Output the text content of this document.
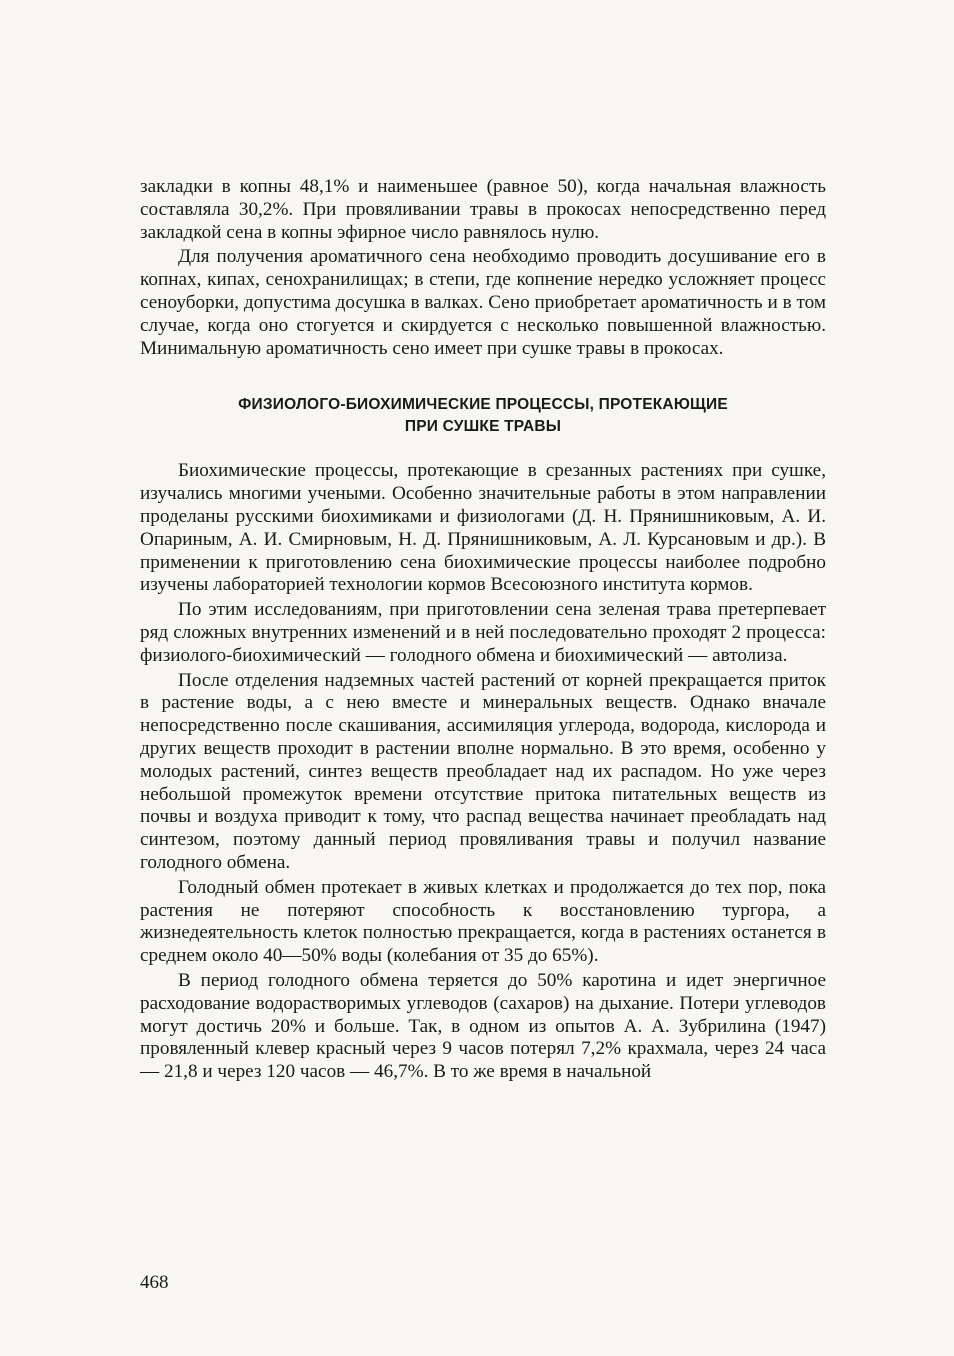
закладки в копны 48,1% и наименьшее (равное 50), когда начальная влажность составляла 30,2%. При провяливании травы в прокосах непосредственно перед закладкой сена в копны эфирное число равнялось нулю.

Для получения ароматичного сена необходимо проводить досушивание его в копнах, кипах, сенохранилищах; в степи, где копнение нередко усложняет процесс сеноуборки, допустима досушка в валках. Сено приобретает ароматичность и в том случае, когда оно стогуется и скирдуется с несколько повышенной влажностью. Минимальную ароматичность сено имеет при сушке травы в прокосах.

ФИЗИОЛОГО-БИОХИМИЧЕСКИЕ ПРОЦЕССЫ, ПРОТЕКАЮЩИЕ
ПРИ СУШКЕ ТРАВЫ

Биохимические процессы, протекающие в срезанных растениях при сушке, изучались многими учеными. Особенно значительные работы в этом направлении проделаны русскими биохимиками и физиологами (Д. Н. Прянишниковым, А. И. Опариным, А. И. Смирновым, Н. Д. Прянишниковым, А. Л. Курсановым и др.). В применении к приготовлению сена биохимические процессы наиболее подробно изучены лабораторией технологии кормов Всесоюзного института кормов.

По этим исследованиям, при приготовлении сена зеленая трава претерпевает ряд сложных внутренних изменений и в ней последовательно проходят 2 процесса: физиолого-биохимический — голодного обмена и биохимический — автолиза.

После отделения надземных частей растений от корней прекращается приток в растение воды, а с нею вместе и минеральных веществ. Однако вначале непосредственно после скашивания, ассимиляция углерода, водорода, кислорода и других веществ проходит в растении вполне нормально. В это время, особенно у молодых растений, синтез веществ преобладает над их распадом. Но уже через небольшой промежуток времени отсутствие притока питательных веществ из почвы и воздуха приводит к тому, что распад вещества начинает преобладать над синтезом, поэтому данный период провяливания травы и получил название голодного обмена.

Голодный обмен протекает в живых клетках и продолжается до тех пор, пока растения не потеряют способность к восстановлению тургора, а жизнедеятельность клеток полностью прекращается, когда в растениях останется в среднем около 40—50% воды (колебания от 35 до 65%).

В период голодного обмена теряется до 50% каротина и идет энергичное расходование водорастворимых углеводов (сахаров) на дыхание. Потери углеводов могут достичь 20% и больше. Так, в одном из опытов А. А. Зубрилина (1947) провяленный клевер красный через 9 часов потерял 7,2% крахмала, через 24 часа — 21,8 и через 120 часов — 46,7%. В то же время в начальной

468
